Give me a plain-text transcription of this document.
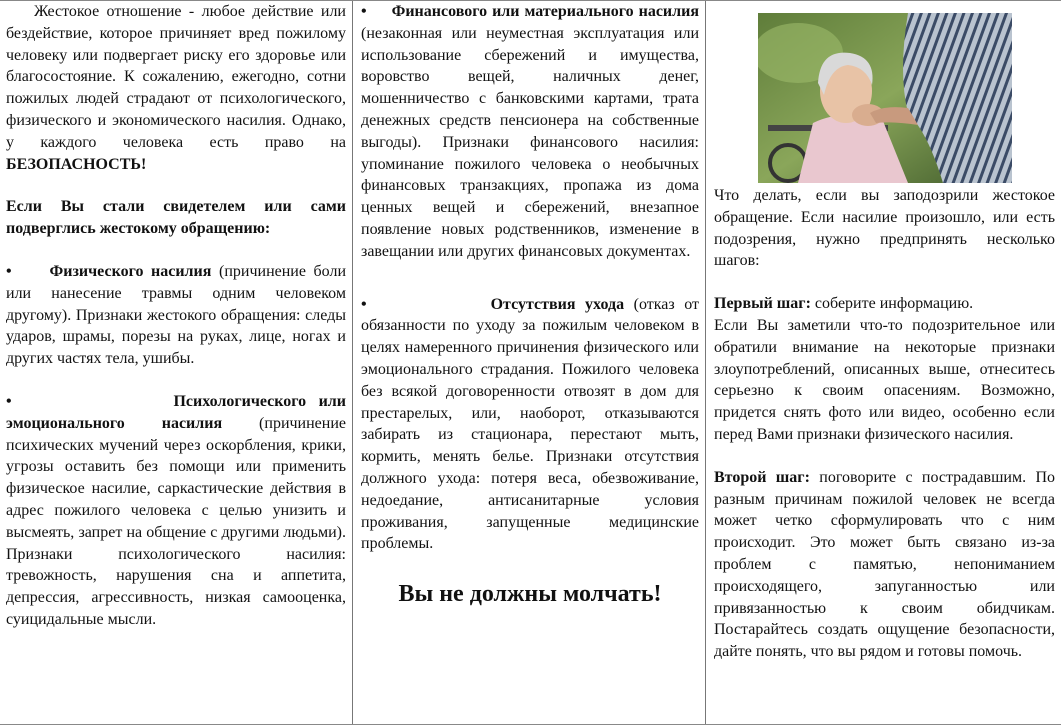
Жестокое отношение - любое действие или бездействие, которое причиняет вред пожилому человеку или подвергает риску его здоровье или благосостояние. К сожалению, ежегодно, сотни пожилых людей страдают от психологического, физического и экономического насилия. Однако, у каждого человека есть право на БЕЗОПАСНОСТЬ!

Если Вы стали свидетелем или сами подверглись жестокому обращению:

• Физического насилия (причинение боли или нанесение травмы одним человеком другому). Признаки жестокого обращения: следы ударов, шрамы, порезы на руках, лице, ногах и других частях тела, ушибы.

•	Психологического или эмоционального насилия (причинение психических мучений через оскорбления, крики, угрозы оставить без помощи или применить физическое насилие, саркастические действия в адрес пожилого человека с целью унизить и высмеять, запрет на общение с другими людьми). Признаки психологического насилия: тревожность, нарушения сна и аппетита, депрессия, агрессивность, низкая самооценка, суицидальные мысли.

• Финансового или материального насилия (незаконная или неуместная эксплуатация или использование сбережений и имущества, воровство вещей, наличных денег, мошенничество с банковскими картами, трата денежных средств пенсионера на собственные выгоды). Признаки финансового насилия: упоминание пожилого человека о необычных финансовых транзакциях, пропажа из дома ценных вещей и сбережений, внезапное появление новых родственников, изменение в завещании или других финансовых документах.

•	Отсутствия ухода (отказ от обязанности по уходу за пожилым человеком в целях намеренного причинения физического или эмоционального страдания. Пожилого человека без всякой договоренности отвозят в дом для престарелых, или, наоборот, отказываются забирать из стационара, перестают мыть, кормить, менять белье. Признаки отсутствия должного ухода: потеря веса, обезвоживание, недоедание, антисанитарные условия проживания, запущенные медицинские проблемы.

Вы не должны молчать!

Что делать, если вы заподозрили жестокое обращение. Если насилие произошло, или есть подозрения, нужно предпринять несколько шагов:

Первый шаг: соберите информацию.

Если Вы заметили что-то подозрительное или обратили внимание на некоторые признаки злоупотреблений, описанных выше, отнеситесь серьезно к своим опасениям. Возможно, придется снять фото или видео, особенно если перед Вами признаки физического насилия.

Второй шаг: поговорите с пострадавшим. По разным причинам пожилой человек не всегда может четко сформулировать что с ним происходит. Это может быть связано из-за проблем с памятью, непониманием происходящего, запуганностью или привязанностью к своим обидчикам. Постарайтесь создать ощущение безопасности, дайте понять, что вы рядом и готовы помочь.
